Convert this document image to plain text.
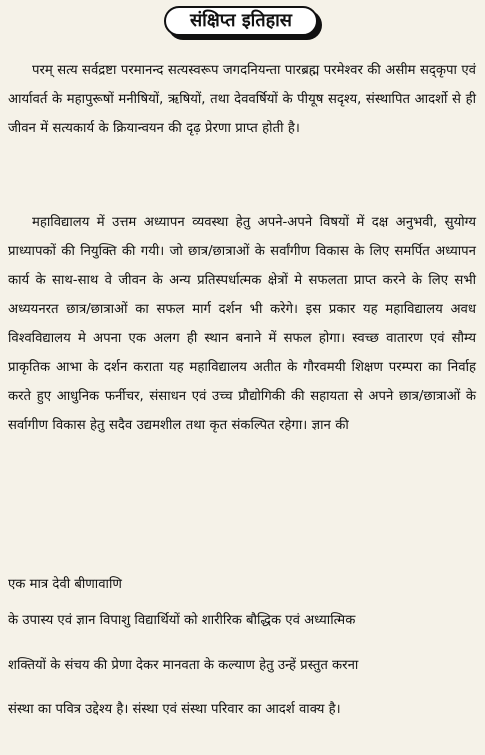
संक्षिप्त इतिहास
परम् सत्य सर्वद्रष्टा परमानन्द सत्यस्वरूप जगदनियन्ता पारब्रह्म परमेश्वर की असीम सद्कृपा एवं आर्यावर्त के महापुरूषों मनीषियों, ऋषियों, तथा देववर्षियों के पीयूष सदृश्य, संस्थापित आदर्शो से ही जीवन में सत्यकार्य के क्रियान्वयन की दृढ़ प्रेरणा प्राप्त होती है।
महाविद्यालय में उत्तम अध्यापन व्यवस्था हेतु अपने-अपने विषयों में दक्ष अनुभवी, सुयोग्य प्राध्यापकों की नियुक्ति की गयी। जो छात्र/छात्राओं के सर्वांगीण विकास के लिए समर्पित अध्यापन कार्य के साथ-साथ वे जीवन के अन्य प्रतिस्पर्धात्मक क्षेत्रों मे सफलता प्राप्त करने के लिए सभी अध्ययनरत छात्र/छात्राओं का सफल मार्ग दर्शन भी करेगे। इस प्रकार यह महाविद्यालय अवध विश्वविद्यालय मे अपना एक अलग ही स्थान बनाने में सफल होगा। स्वच्छ वातारण एवं सौम्य प्राकृतिक आभा के दर्शन कराता यह महाविद्यालय अतीत के गौरवमयी शिक्षण परम्परा का निर्वाह करते हुए आधुनिक फर्नीचर, संसाधन एवं उच्च प्रौद्योगिकी की सहायता से अपने छात्र/छात्राओं के सर्वागीण विकास हेतु सदैव उद्यमशील तथा कृत संकल्पित रहेगा। ज्ञान की
एक मात्र देवी बीणावाणि
के उपास्य एवं ज्ञान विपाशु विद्यार्थियों को शारीरिक बौद्धिक एवं अध्यात्मिक
शक्तियों के संचय की प्रेणा देकर मानवता के कल्याण हेतु उन्हें प्रस्तुत करना
संस्था का पवित्र उद्देश्य है। संस्था एवं संस्था परिवार का आदर्श वाक्य है।
